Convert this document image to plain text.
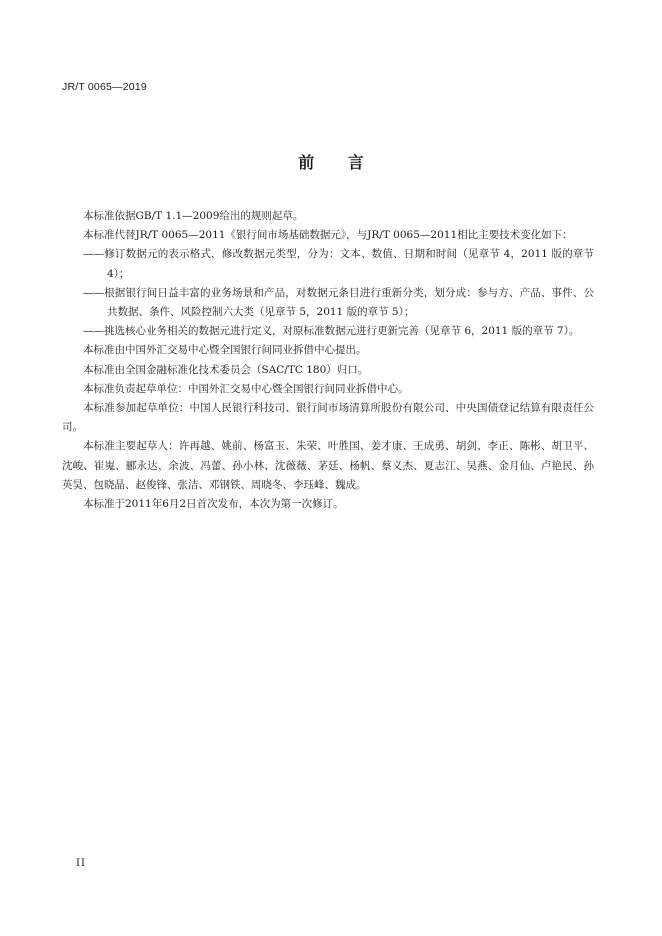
JR/T 0065—2019
前 言

本标准依据GB/T 1.1—2009给出的规则起草。

本标准代替JR/T 0065—2011《银行间市场基础数据元》，与JR/T 0065—2011相比主要技术变化如下：

——修订数据元的表示格式，修改数据元类型，分为：文本、数值、日期和时间（见章节 4，2011 版的章节 4）；

——根据银行间日益丰富的业务场景和产品，对数据元条目进行重新分类，划分成：参与方、产品、事件、公共数据、条件、风险控制六大类（见章节 5，2011 版的章节 5）；

——挑选核心业务相关的数据元进行定义，对原标准数据元进行更新完善（见章节 6，2011 版的章节 7）。

本标准由中国外汇交易中心暨全国银行间同业拆借中心提出。

本标准由全国金融标准化技术委员会（SAC/TC 180）归口。

本标准负责起草单位：中国外汇交易中心暨全国银行间同业拆借中心。

本标准参加起草单位：中国人民银行科技司、银行间市场清算所股份有限公司、中央国债登记结算有限责任公司。

本标准主要起草人：许再越、姚前、杨富玉、朱荣、叶胜国、姜才康、王成勇、胡剑、李正、陈彬、胡卫平、沈峻、崔嵬、郦永达、余波、冯蕾、孙小林、沈薇薇、茅廷、杨帆、蔡义杰、夏志江、吴燕、金月仙、卢艳民、孙英昊、包晓晶、赵俊锋、张洁、邓钢铁、周晓冬、李珏峰、魏成。

本标准于2011年6月2日首次发布，本次为第一次修订。

II
